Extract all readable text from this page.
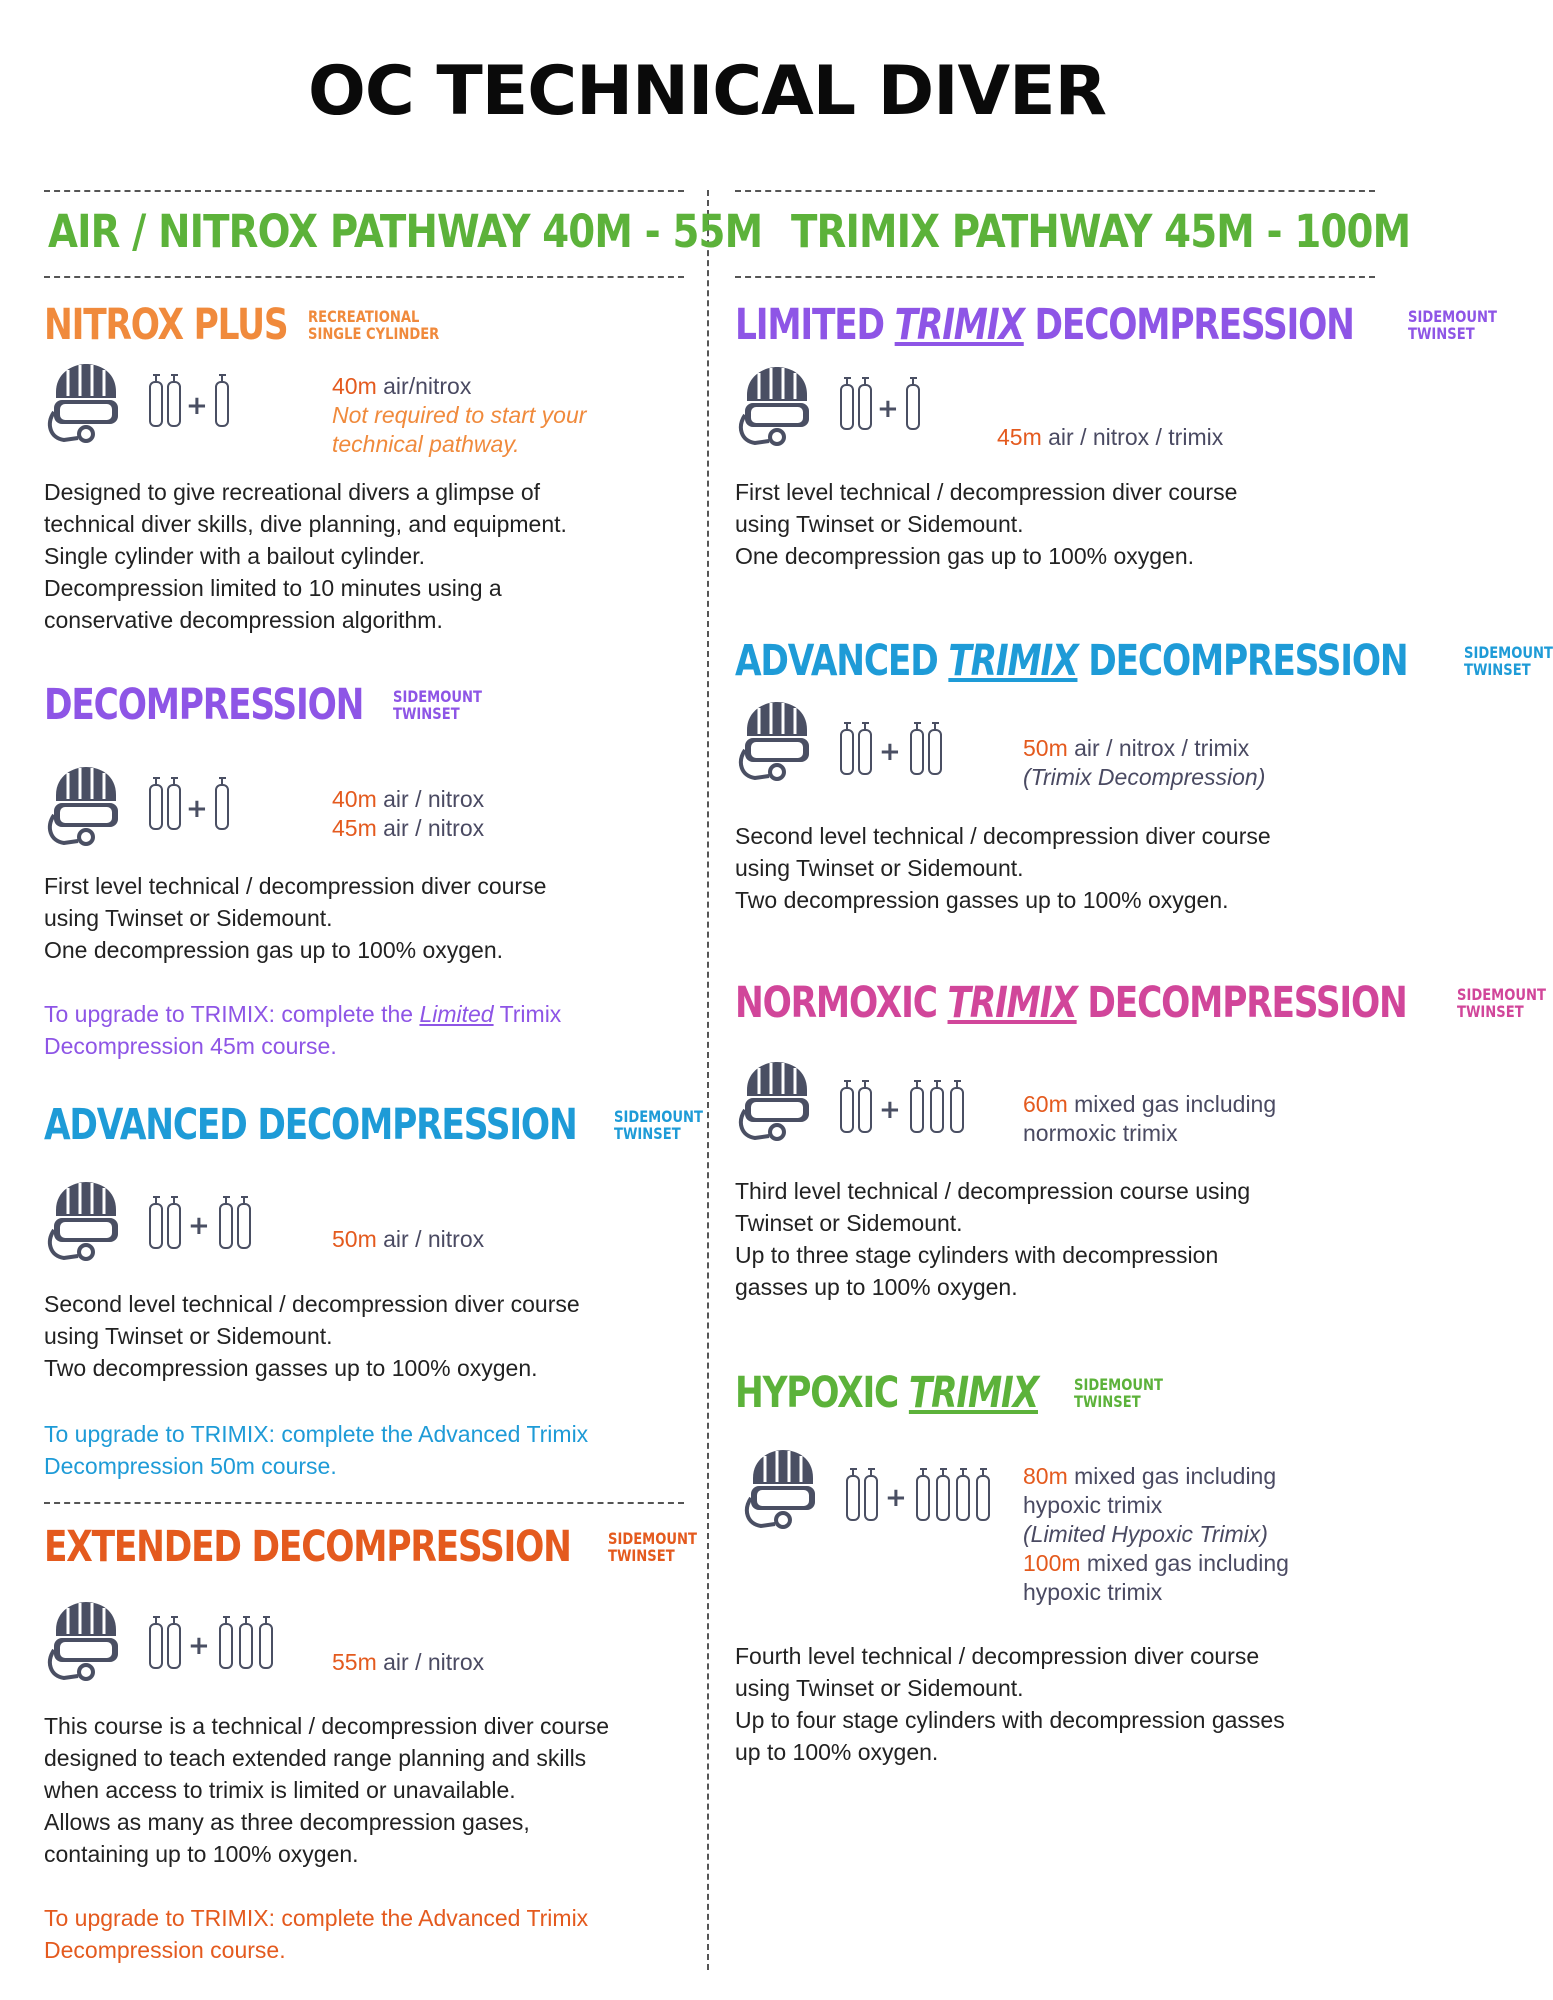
OC TECHNICAL DIVER
AIR / NITROX PATHWAY 40M - 55M
NITROX PLUS RECREATIONAL
SINGLE CYLINDER
+
40m air/nitrox
Not required to start your technical pathway.
Designed to give recreational divers a glimpse of
technical diver skills, dive planning, and equipment.
Single cylinder with a bailout cylinder.
Decompression limited to 10 minutes using a
conservative decompression algorithm.
DECOMPRESSION SIDEMOUNT
TWINSET
+	40m air / nitrox
45m air / nitrox
First level technical / decompression diver course
using Twinset or Sidemount.
One decompression gas up to 100% oxygen.
To upgrade to TRIMIX: complete the Limited Trimix
Decompression 45m course.
ADVANCED DECOMPRESSION SIDEMOUNT
TWINSET
+	50m air / nitrox
Second level technical / decompression diver course
using Twinset or Sidemount.
Two decompression gasses up to 100% oxygen.
To upgrade to TRIMIX: complete the Advanced Trimix
Decompression 50m course.
EXTENDED DECOMPRESSION SIDEMOUNT
TWINSET
+
55m air / nitrox
This course is a technical / decompression diver course
designed to teach extended range planning and skills
when access to trimix is limited or unavailable.
Allows as many as three decompression gases,
containing up to 100% oxygen.
To upgrade to TRIMIX: complete the Advanced Trimix
Decompression course.
TRIMIX PATHWAY 45M - 100M
LIMITED TRIMIX DECOMPRESSION	SIDEMOUNT
TWINSET
+
45m air / nitrox / trimix
First level technical / decompression diver course
using Twinset or Sidemount.
One decompression gas up to 100% oxygen.
ADVANCED TRIMIX DECOMPRESSION	SIDEMOUNT
TWINSET
+	50m air / nitrox / trimix
(Trimix Decompression)
Second level technical / decompression diver course
using Twinset or Sidemount.
Two decompression gasses up to 100% oxygen.
NORMOXIC TRIMIX DECOMPRESSION	SIDEMOUNT
TWINSET
+	60m mixed gas including
normoxic trimix
Third level technical / decompression course using
Twinset or Sidemount.
Up to three stage cylinders with decompression
gasses up to 100% oxygen.
HYPOXIC TRIMIX SIDEMOUNT
TWINSET
+
80m mixed gas including
hypoxic trimix
(Limited Hypoxic Trimix)
100m mixed gas including
hypoxic trimix
Fourth level technical / decompression diver course
using Twinset or Sidemount.
Up to four stage cylinders with decompression gasses
up to 100% oxygen.
